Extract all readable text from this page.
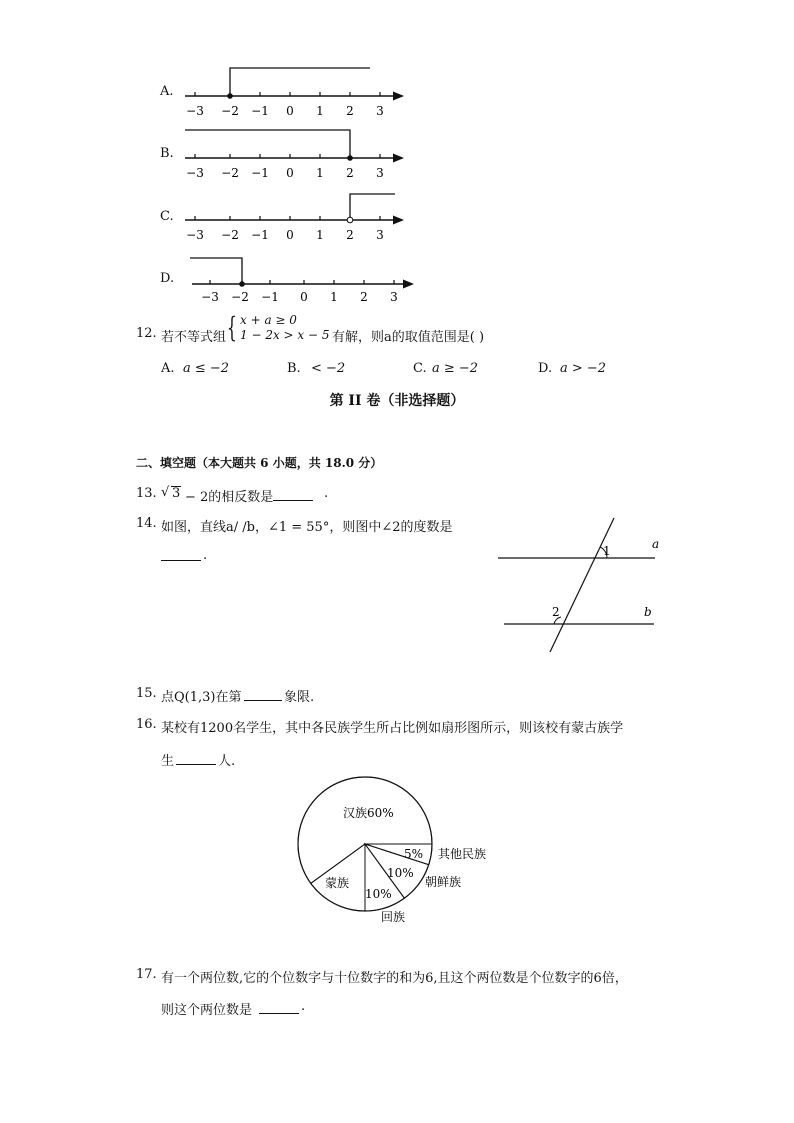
A.
−3 −2 −1 0 1 2 3
B.
−3 −2 −1 0 1 2 3
C.
−3 −2 −1 0 1 2 3
D.
−3 −2 −1 0 1 2 3
12. 若不等式组 { x + a ≥ 0
1 − 2x > x − 5 有解，则a的取值范围是( )
A. a ≤ −2	B. < −2	C. a ≥ −2	D. a > −2
第 II 卷（非选择题）
二、填空题（本大题共 6 小题，共 18.0 分）
13. √ 3 − 2的相反数是	.
14. 如图，直线a/ /b，∠1 = 55°，则图中∠2的度数是
.	1
2
a
b
15. 点Q(1,3)在第	象限.
16. 某校有1200名学生，其中各民族学生所占比例如扇形图所示，则该校有蒙古族学
生	人.
汉族60%
5%
10%
10%
蒙族
其他民族
朝鲜族
回族
17. 有一个两位数,它的个位数字与十位数字的和为6,且这个两位数是个位数字的6倍，
则这个两位数是	.
